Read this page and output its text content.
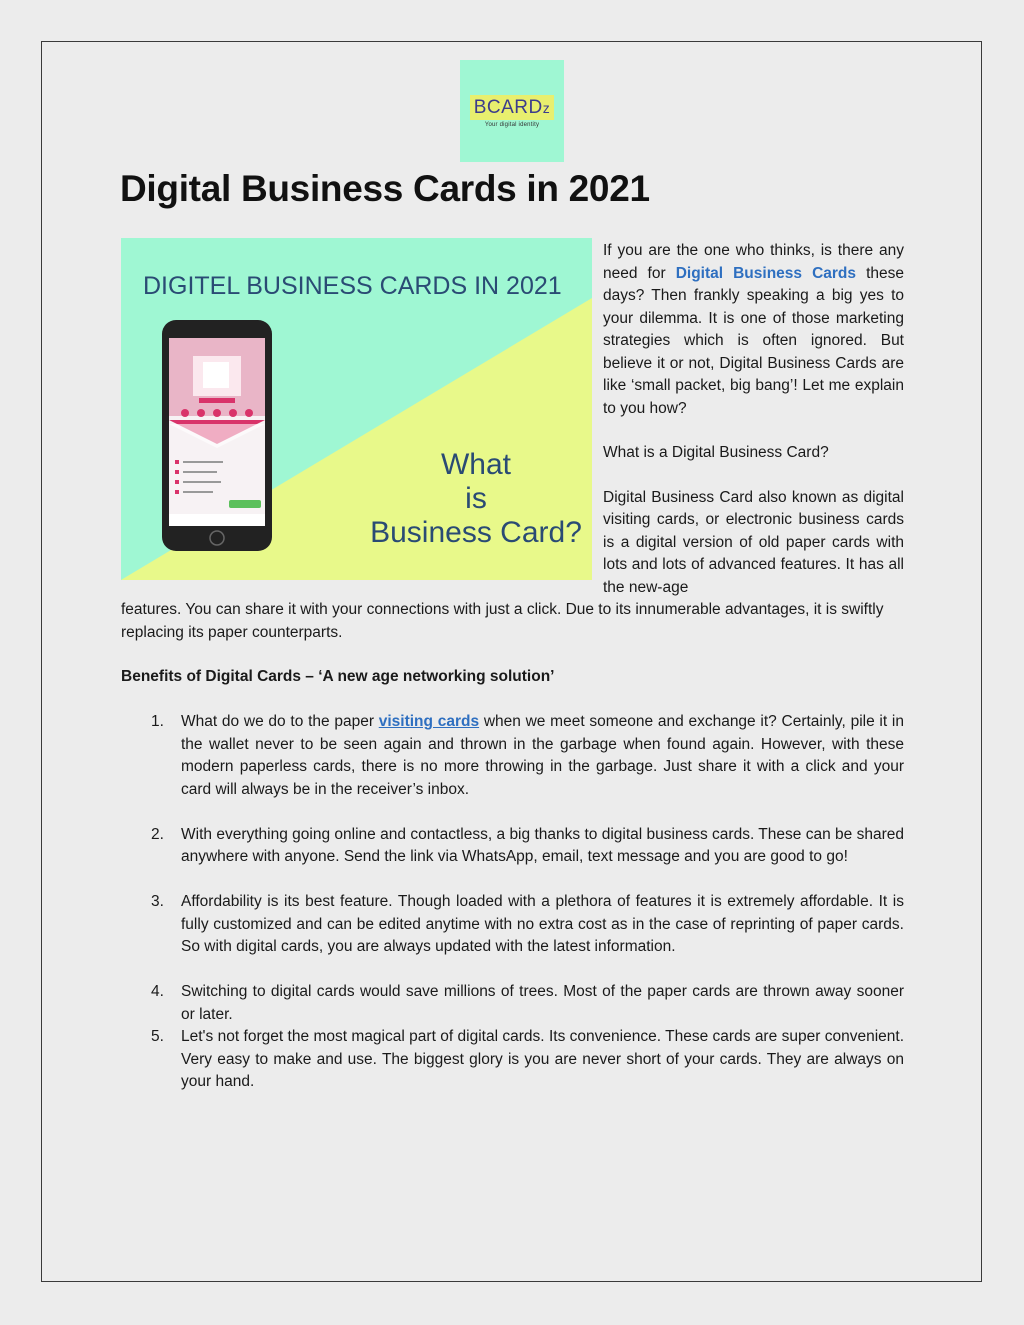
BCARDz
Your digital identity
Digital Business Cards in 2021
DIGITEL BUSINESS CARDS IN 2021
What
is
Business Card?

If you are the one who thinks, is there any need for Digital Business Cards these days? Then frankly speaking a big yes to your dilemma. It is one of those marketing strategies which is often ignored. But believe it or not, Digital Business Cards are like ‘small packet, big bang’! Let me explain to you how?

What is a Digital Business Card?

Digital Business Card also known as digital visiting cards, or electronic business cards is a digital version of old paper cards with lots and lots of advanced features. It has all the new-age

features. You can share it with your connections with just a click. Due to its innumerable advantages, it is swiftly replacing its paper counterparts.

Benefits of Digital Cards – ‘A new age networking solution’
1. What do we do to the paper visiting cards when we meet someone and exchange it? Certainly, pile it in the wallet never to be seen again and thrown in the garbage when found again. However, with these modern paperless cards, there is no more throwing in the garbage. Just share it with a click and your card will always be in the receiver’s inbox.
2. With everything going online and contactless, a big thanks to digital business cards. These can be shared anywhere with anyone. Send the link via WhatsApp, email, text message and you are good to go!
3. Affordability is its best feature. Though loaded with a plethora of features it is extremely affordable. It is fully customized and can be edited anytime with no extra cost as in the case of reprinting of paper cards. So with digital cards, you are always updated with the latest information.
4. Switching to digital cards would save millions of trees. Most of the paper cards are thrown away sooner or later.
5. Let's not forget the most magical part of digital cards. Its convenience. These cards are super convenient. Very easy to make and use. The biggest glory is you are never short of your cards. They are always on your hand.
